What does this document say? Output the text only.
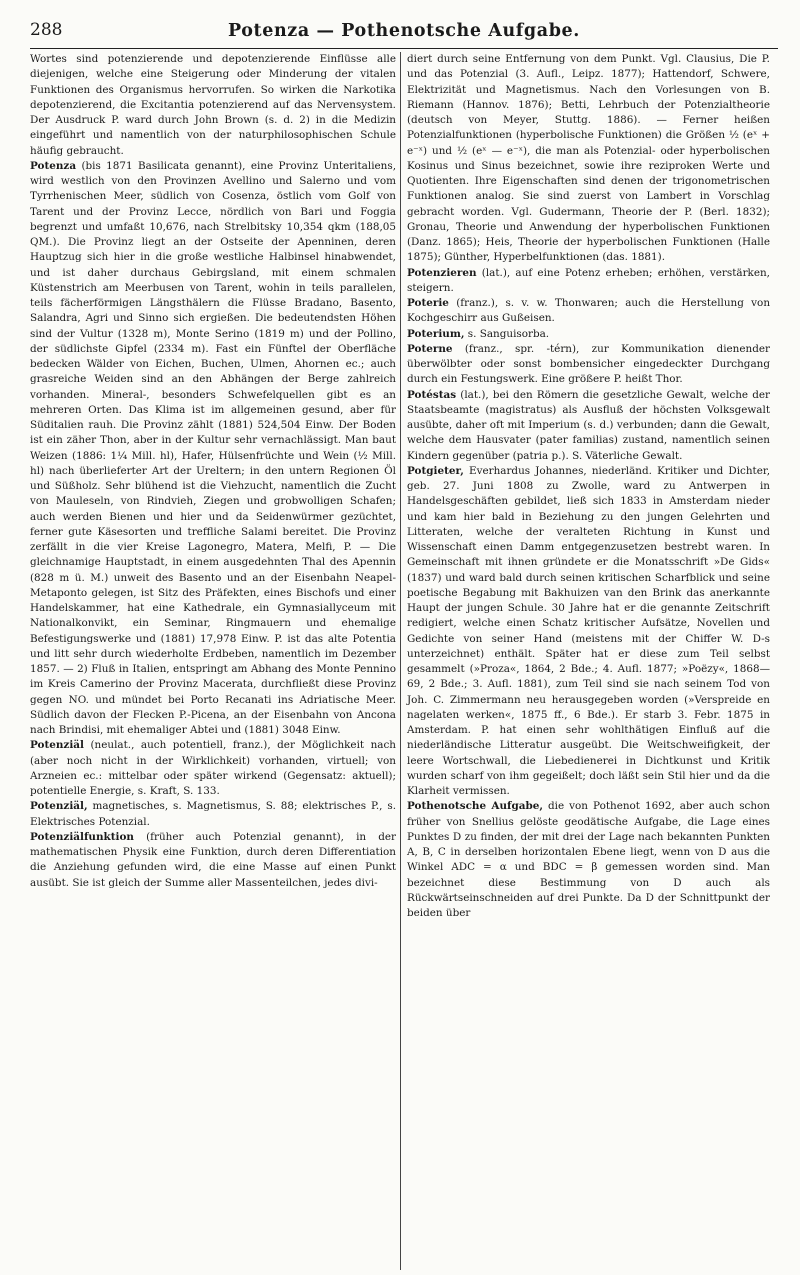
288	Potenza — Pothenotsche Aufgabe.

Wortes sind potenzierende und depotenzierende Einflüsse alle diejenigen, welche eine Steigerung oder Minderung der vitalen Funktionen des Organismus hervorrufen. So wirken die Narkotika depotenzierend, die Excitantia potenzierend auf das Nervensystem. Der Ausdruck P. ward durch John Brown (s. d. 2) in die Medizin eingeführt und namentlich von der naturphilosophischen Schule häufig gebraucht.

Potenza (bis 1871 Basilicata genannt), eine Provinz Unteritaliens, wird westlich von den Provinzen Avellino und Salerno und vom Tyrrhenischen Meer, südlich von Cosenza, östlich vom Golf von Tarent und der Provinz Lecce, nördlich von Bari und Foggia begrenzt und umfaßt 10,676, nach Strelbitsky 10,354 qkm (188,05 QM.). Die Provinz liegt an der Ostseite der Apenninen, deren Hauptzug sich hier in die große westliche Halbinsel hinabwendet, und ist daher durchaus Gebirgsland, mit einem schmalen Küstenstrich am Meerbusen von Tarent, wohin in teils parallelen, teils fächerförmigen Längsthälern die Flüsse Bradano, Basento, Salandra, Agri und Sinno sich ergießen. Die bedeutendsten Höhen sind der Vultur (1328 m), Monte Serino (1819 m) und der Pollino, der südlichste Gipfel (2334 m). Fast ein Fünftel der Oberfläche bedecken Wälder von Eichen, Buchen, Ulmen, Ahornen ec.; auch grasreiche Weiden sind an den Abhängen der Berge zahlreich vorhanden. Mineral-, besonders Schwefelquellen gibt es an mehreren Orten. Das Klima ist im allgemeinen gesund, aber für Süditalien rauh. Die Provinz zählt (1881) 524,504 Einw. Der Boden ist ein zäher Thon, aber in der Kultur sehr vernachlässigt. Man baut Weizen (1886: 1¼ Mill. hl), Hafer, Hülsenfrüchte und Wein (½ Mill. hl) nach überlieferter Art der Ureltern; in den untern Regionen Öl und Süßholz. Sehr blühend ist die Viehzucht, namentlich die Zucht von Mauleseln, von Rindvieh, Ziegen und grobwolligen Schafen; auch werden Bienen und hier und da Seidenwürmer gezüchtet, ferner gute Käsesorten und treffliche Salami bereitet. Die Provinz zerfällt in die vier Kreise Lagonegro, Matera, Melfi, P. — Die gleichnamige Hauptstadt, in einem ausgedehnten Thal des Apennin (828 m ü. M.) unweit des Basento und an der Eisenbahn Neapel-Metaponto gelegen, ist Sitz des Präfekten, eines Bischofs und einer Handelskammer, hat eine Kathedrale, ein Gymnasiallyceum mit Nationalkonvikt, ein Seminar, Ringmauern und ehemalige Befestigungswerke und (1881) 17,978 Einw. P. ist das alte Potentia und litt sehr durch wiederholte Erdbeben, namentlich im Dezember 1857. — 2) Fluß in Italien, entspringt am Abhang des Monte Pennino im Kreis Camerino der Provinz Macerata, durchfließt diese Provinz gegen NO. und mündet bei Porto Recanati ins Adriatische Meer. Südlich davon der Flecken P.-Picena, an der Eisenbahn von Ancona nach Brindisi, mit ehemaliger Abtei und (1881) 3048 Einw.

Potenziäl (neulat., auch potentiell, franz.), der Möglichkeit nach (aber noch nicht in der Wirklichkeit) vorhanden, virtuell; von Arzneien ec.: mittelbar oder später wirkend (Gegensatz: aktuell); potentielle Energie, s. Kraft, S. 133.

Potenziäl, magnetisches, s. Magnetismus, S. 88; elektrisches P., s. Elektrisches Potenzial.

Potenziälfunktion (früher auch Potenzial genannt), in der mathematischen Physik eine Funktion, durch deren Differentiation die Anziehung gefunden wird, die eine Masse auf einen Punkt ausübt. Sie ist gleich der Summe aller Massenteilchen, jedes divi-

diert durch seine Entfernung von dem Punkt. Vgl. Clausius, Die P. und das Potenzial (3. Aufl., Leipz. 1877); Hattendorf, Schwere, Elektrizität und Magnetismus. Nach den Vorlesungen von B. Riemann (Hannov. 1876); Betti, Lehrbuch der Potenzialtheorie (deutsch von Meyer, Stuttg. 1886). — Ferner heißen Potenzialfunktionen (hyperbolische Funktionen) die Größen ½ (eˣ + e⁻ˣ) und ½ (eˣ — e⁻ˣ), die man als Potenzial- oder hyperbolischen Kosinus und Sinus bezeichnet, sowie ihre reziproken Werte und Quotienten. Ihre Eigenschaften sind denen der trigonometrischen Funktionen analog. Sie sind zuerst von Lambert in Vorschlag gebracht worden. Vgl. Gudermann, Theorie der P. (Berl. 1832); Gronau, Theorie und Anwendung der hyperbolischen Funktionen (Danz. 1865); Heis, Theorie der hyperbolischen Funktionen (Halle 1875); Günther, Hyperbelfunktionen (das. 1881).

Potenzieren (lat.), auf eine Potenz erheben; erhöhen, verstärken, steigern.

Poterie (franz.), s. v. w. Thonwaren; auch die Herstellung von Kochgeschirr aus Gußeisen.

Poterium, s. Sanguisorba.

Poterne (franz., spr. -térn), zur Kommunikation dienender überwölbter oder sonst bombensicher eingedeckter Durchgang durch ein Festungswerk. Eine größere P. heißt Thor.

Potéstas (lat.), bei den Römern die gesetzliche Gewalt, welche der Staatsbeamte (magistratus) als Ausfluß der höchsten Volksgewalt ausübte, daher oft mit Imperium (s. d.) verbunden; dann die Gewalt, welche dem Hausvater (pater familias) zustand, namentlich seinen Kindern gegenüber (patria p.). S. Väterliche Gewalt.

Potgieter, Everhardus Johannes, niederländ. Kritiker und Dichter, geb. 27. Juni 1808 zu Zwolle, ward zu Antwerpen in Handelsgeschäften gebildet, ließ sich 1833 in Amsterdam nieder und kam hier bald in Beziehung zu den jungen Gelehrten und Litteraten, welche der veralteten Richtung in Kunst und Wissenschaft einen Damm entgegenzusetzen bestrebt waren. In Gemeinschaft mit ihnen gründete er die Monatsschrift »De Gids« (1837) und ward bald durch seinen kritischen Scharfblick und seine poetische Begabung mit Bakhuizen van den Brink das anerkannte Haupt der jungen Schule. 30 Jahre hat er die genannte Zeitschrift redigiert, welche einen Schatz kritischer Aufsätze, Novellen und Gedichte von seiner Hand (meistens mit der Chiffer W. D-s unterzeichnet) enthält. Später hat er diese zum Teil selbst gesammelt (»Proza«, 1864, 2 Bde.; 4. Aufl. 1877; »Poëzy«, 1868—69, 2 Bde.; 3. Aufl. 1881), zum Teil sind sie nach seinem Tod von Joh. C. Zimmermann neu herausgegeben worden (»Verspreide en nagelaten werken«, 1875 ff., 6 Bde.). Er starb 3. Febr. 1875 in Amsterdam. P. hat einen sehr wohlthätigen Einfluß auf die niederländische Litteratur ausgeübt. Die Weitschweifigkeit, der leere Wortschwall, die Liebedienerei in Dichtkunst und Kritik wurden scharf von ihm gegeißelt; doch läßt sein Stil hier und da die Klarheit vermissen.

Pothenotsche Aufgabe, die von Pothenot 1692, aber auch schon früher von Snellius gelöste geodätische Aufgabe, die Lage eines Punktes D zu finden, der mit drei der Lage nach bekannten Punkten A, B, C in derselben horizontalen Ebene liegt, wenn von D aus die Winkel ADC = α und BDC = β gemessen worden sind. Man bezeichnet diese Bestimmung von D auch als Rückwärtseinschneiden auf drei Punkte. Da D der Schnittpunkt der beiden über
